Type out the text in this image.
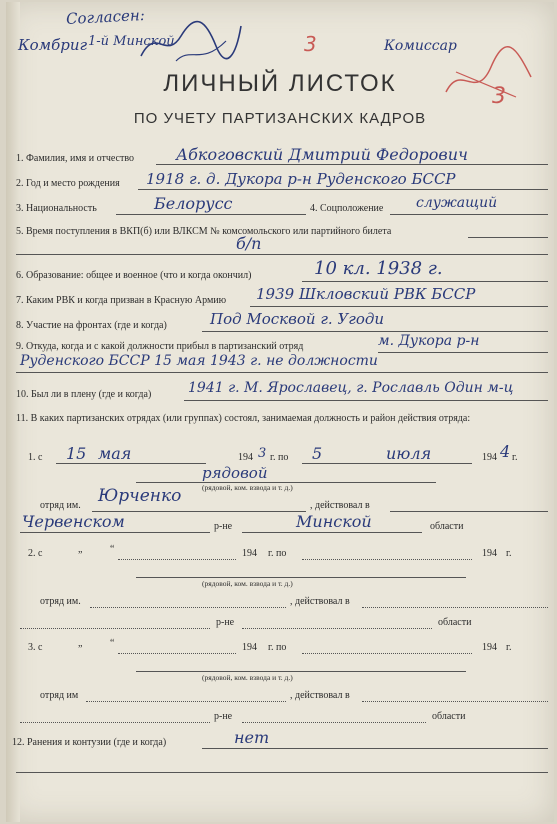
Согласен:
Комбриг 1-й Минской	3	Комиссар
3
ЛИЧНЫЙ ЛИСТОК
ПО УЧЕТУ ПАРТИЗАНСКИХ КАДРОВ
1. Фамилия, имя и отчество	Абкоговский Дмитрий Федорович
2. Год и место рождения 1918 г. д. Дукора р-н Руденского БССР
3. Национальность	Белорусс	4. Соцположение служащий
5. Время поступления в ВКП(б) или ВЛКСМ № комсомольского или партийного билета
б/п
6. Образование: общее и военное (что и когда окончил)	10 кл. 1938 г.
7. Каким РВК и когда призван в Красную Армию 1939 Шкловский РВК БССР
8. Участие на фронтах (где и когда)	Под Москвой г. Угоди
9. Откуда, когда и с какой должности прибыл в партизанский отряд	м. Дукора р-н
Руденского БССР 15 мая 1943 г. не должности
10. Был ли в плену (где и когда)	1941 г. М. Ярославец, г. Рославль Один м-ц
11. В каких партизанских отрядах (или группах) состоял, занимаемая должность и район действия отряда:
1. с 15 мая	194 3 г. по 5	июля	194 4 г.
рядовой
(рядовой, ком. взвода и т. д.)
отряд им. Юрченко	, действовал в
Червенском	р-не	Минской	области
2. с	„	“	194 г. по	194 г.
(рядовой, ком. взвода и т. д.)
отряд им.	, действовал в
р-не	области
3. с	„	“	194 г. по	194 г.
(рядовой, ком. взвода и т. д.)
отряд им	, действовал в
р-не	области
12. Ранения и контузии (где и когда)	нет
